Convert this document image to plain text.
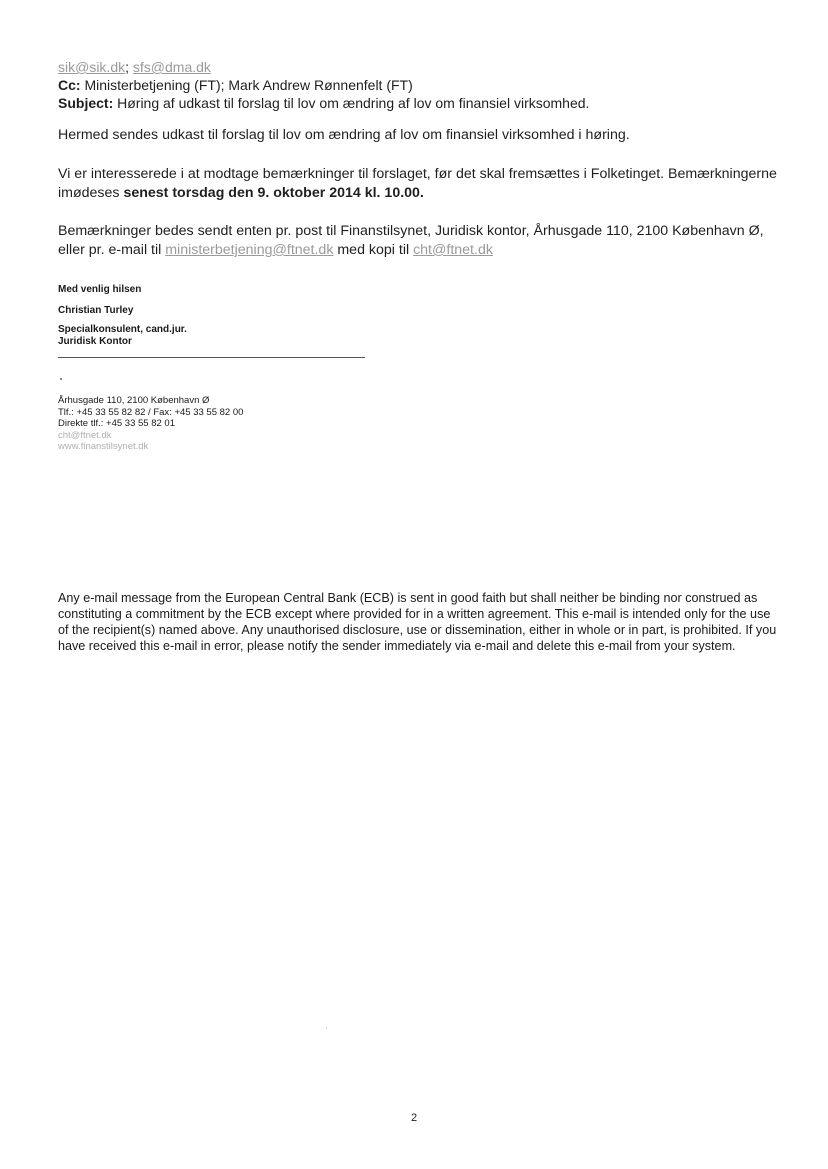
sik@sik.dk; sfs@dma.dk
Cc: Ministerbetjening (FT); Mark Andrew Rønnenfelt (FT)
Subject: Høring af udkast til forslag til lov om ændring af lov om finansiel virksomhed.
Hermed sendes udkast til forslag til lov om ændring af lov om finansiel virksomhed i høring.
Vi er interesserede i at modtage bemærkninger til forslaget, før det skal fremsættes i Folketinget. Bemærkningerne
imødeses senest torsdag den 9. oktober 2014 kl. 10.00.
Bemærkninger bedes sendt enten pr. post til Finanstilsynet, Juridisk kontor, Århusgade 110, 2100 København Ø,
eller pr. e-mail til ministerbetjening@ftnet.dk med kopi til cht@ftnet.dk
Med venlig hilsen
Christian Turley
Specialkonsulent, cand.jur.
Juridisk Kontor
Århusgade 110, 2100 København Ø
Tlf.: +45 33 55 82 82 / Fax: +45 33 55 82 00
Direkte tlf.: +45 33 55 82 01
cht@ftnet.dk
www.finanstilsynet.dk
Any e-mail message from the European Central Bank (ECB) is sent in good faith but shall neither be binding nor construed as constituting a commitment by the ECB except where provided for in a written agreement. This e-mail is intended only for the use of the recipient(s) named above. Any unauthorised disclosure, use or dissemination, either in whole or in part, is prohibited. If you have received this e-mail in error, please notify the sender immediately via e-mail and delete this e-mail from your system.
2
